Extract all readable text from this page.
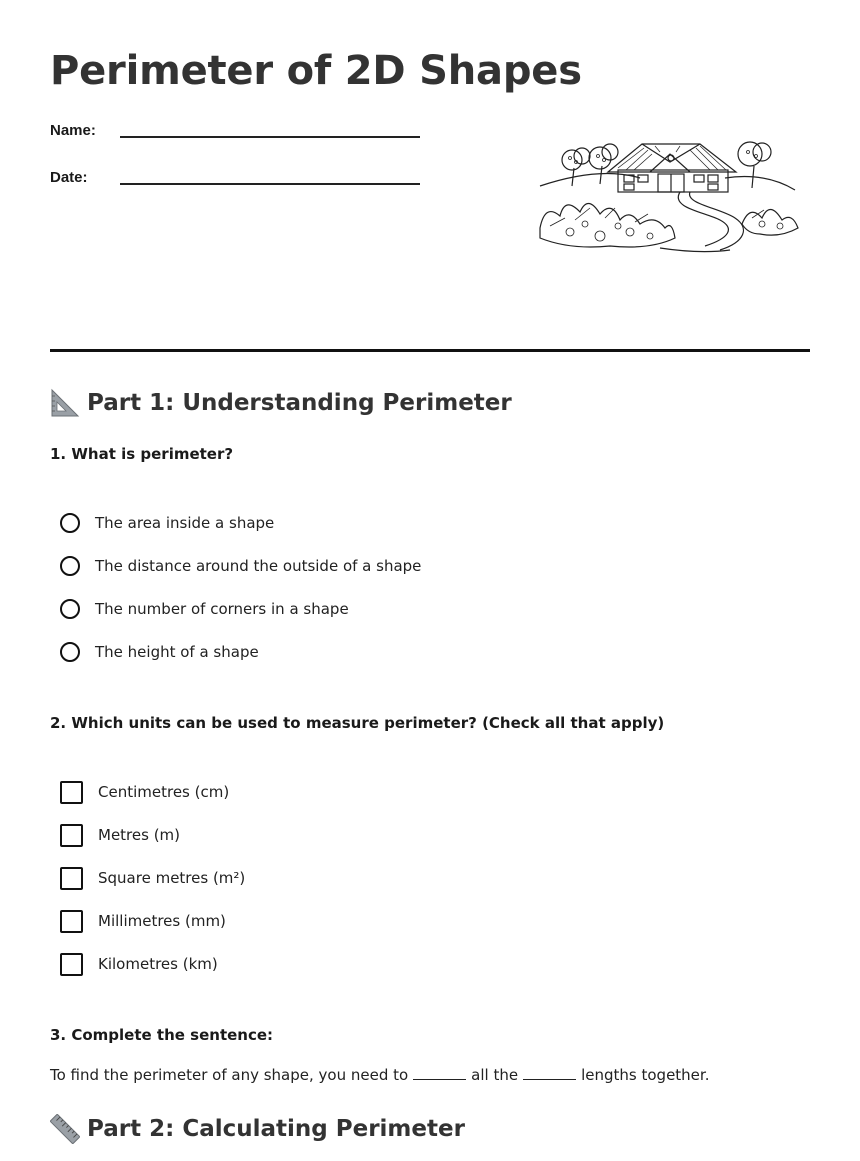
Perimeter of 2D Shapes
Name:
Date:
Part 1: Understanding Perimeter
1. What is perimeter?
The area inside a shape
The distance around the outside of a shape
The number of corners in a shape
The height of a shape
2. Which units can be used to measure perimeter? (Check all that apply)
Centimetres (cm)
Metres (m)
Square metres (m²)
Millimetres (mm)
Kilometres (km)
3. Complete the sentence:
To find the perimeter of any shape, you need to	all the	lengths together.
Part 2: Calculating Perimeter
